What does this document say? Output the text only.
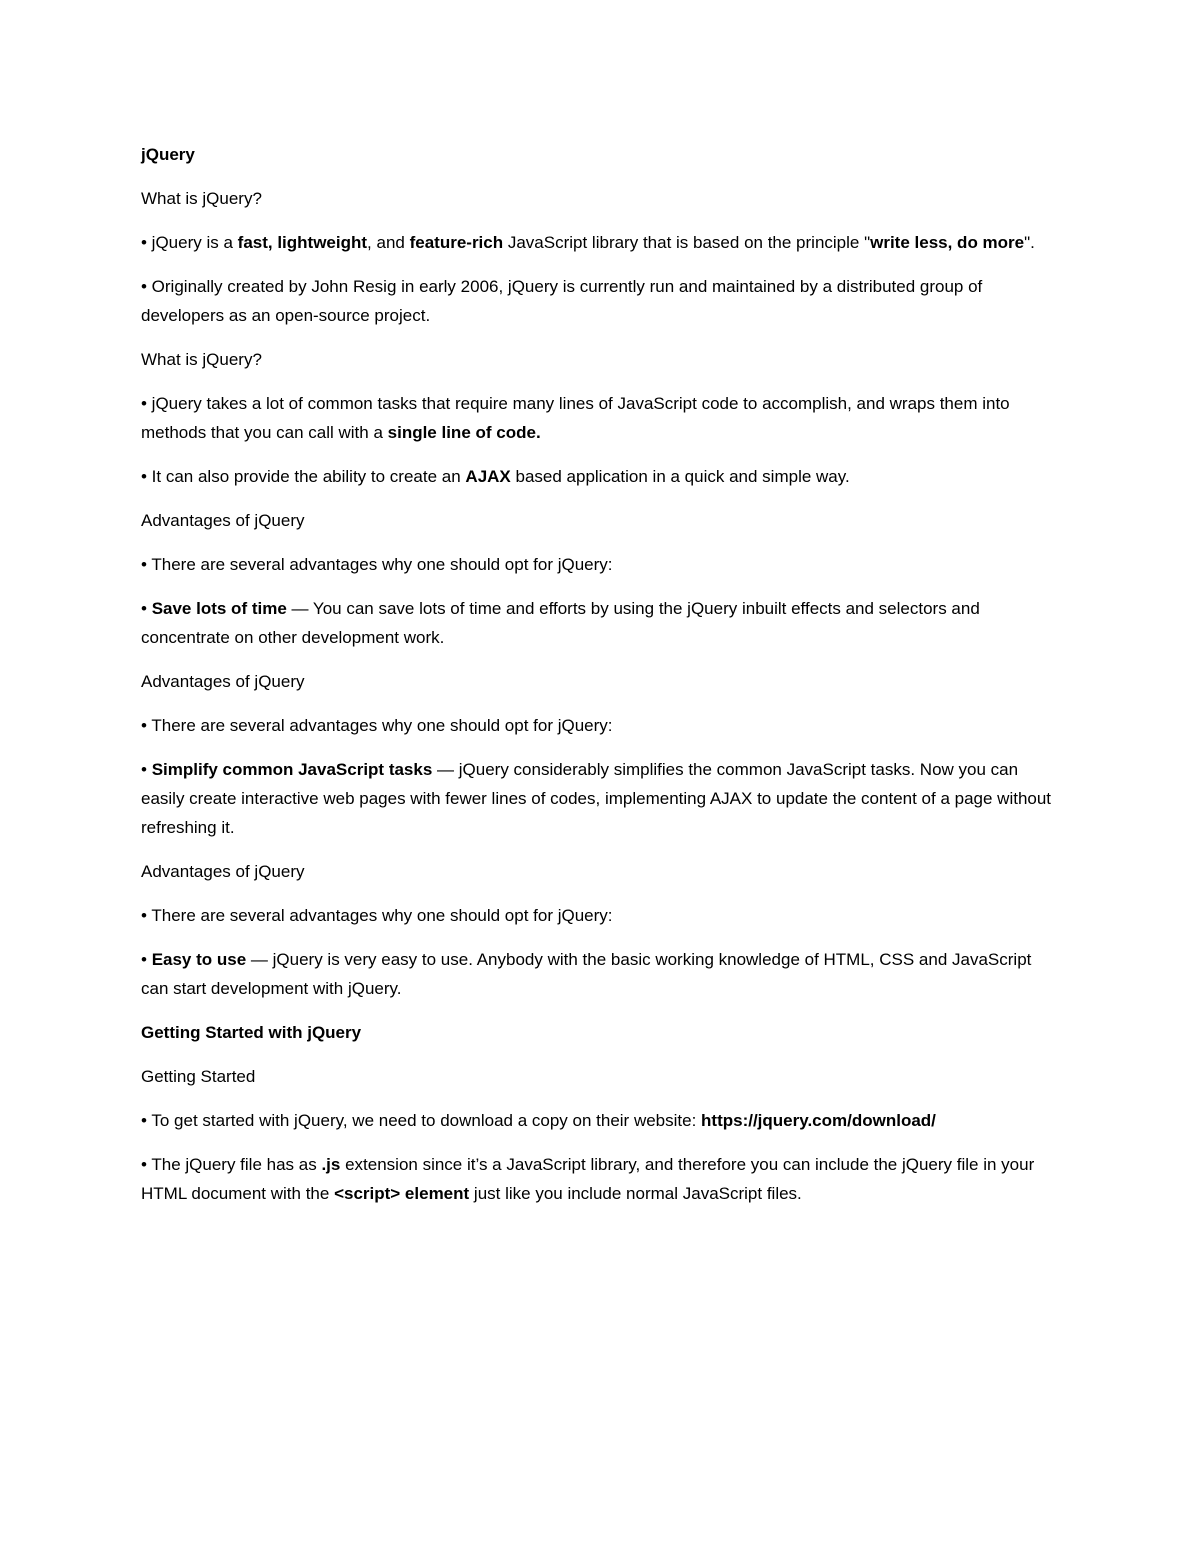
jQuery

What is jQuery?

• jQuery is a fast, lightweight, and feature-rich JavaScript library that is based on the principle "write less, do more".

• Originally created by John Resig in early 2006, jQuery is currently run and maintained by a distributed group of developers as an open-source project.

What is jQuery?

• jQuery takes a lot of common tasks that require many lines of JavaScript code to accomplish, and wraps them into methods that you can call with a single line of code.

• It can also provide the ability to create an AJAX based application in a quick and simple way.

Advantages of jQuery

• There are several advantages why one should opt for jQuery:

• Save lots of time — You can save lots of time and efforts by using the jQuery inbuilt effects and selectors and concentrate on other development work.

Advantages of jQuery

• There are several advantages why one should opt for jQuery:

• Simplify common JavaScript tasks — jQuery considerably simplifies the common JavaScript tasks. Now you can easily create interactive web pages with fewer lines of codes, implementing AJAX to update the content of a page without refreshing it.

Advantages of jQuery

• There are several advantages why one should opt for jQuery:

• Easy to use — jQuery is very easy to use. Anybody with the basic working knowledge of HTML, CSS and JavaScript can start development with jQuery.

Getting Started with jQuery

Getting Started

• To get started with jQuery, we need to download a copy on their website: https://jquery.com/download/

• The jQuery file has as .js extension since it’s a JavaScript library, and therefore you can include the jQuery file in your HTML document with the <script> element just like you include normal JavaScript files.
